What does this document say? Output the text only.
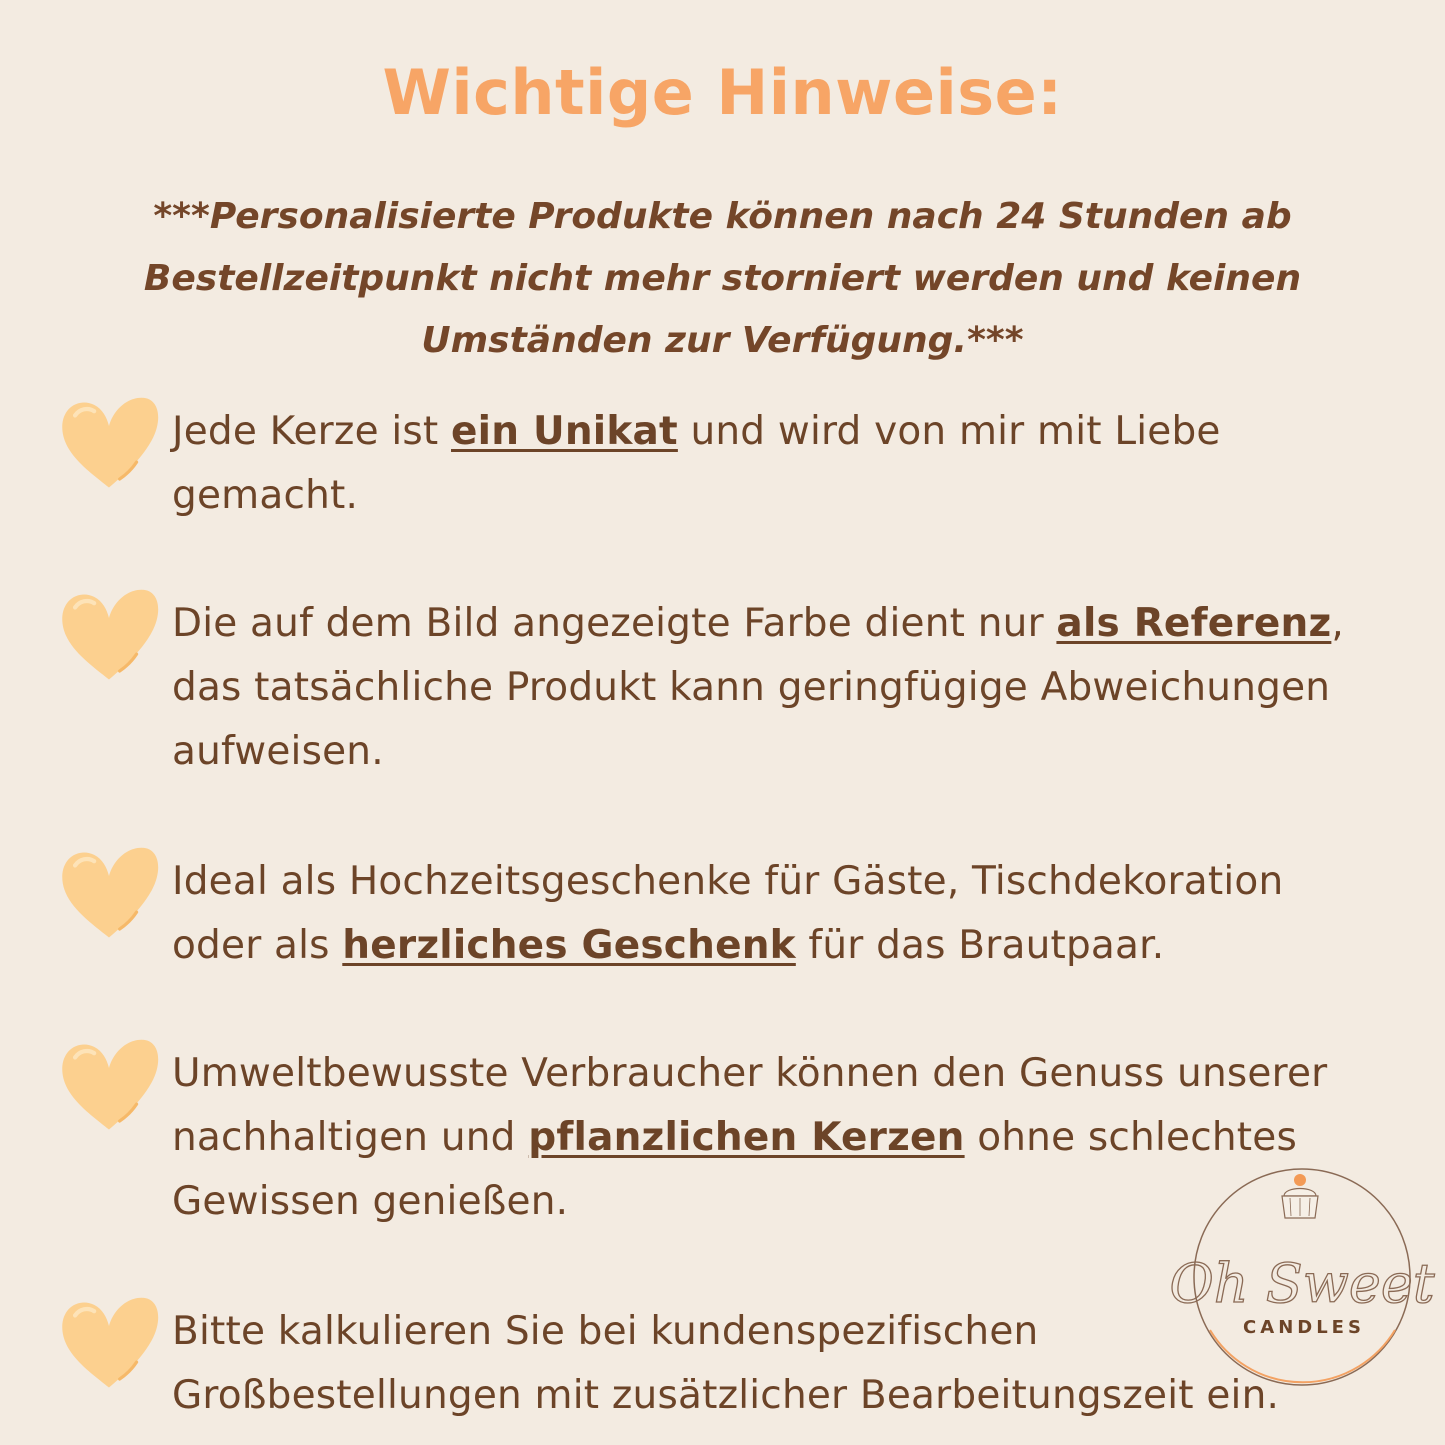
Wichtige Hinweise:
***Personalisierte Produkte können nach 24 Stunden ab Bestellzeitpunkt nicht mehr storniert werden und keinen Umständen zur Verfügung.***
Jede Kerze ist ein Unikat und wird von mir mit Liebe gemacht.
Die auf dem Bild angezeigte Farbe dient nur als Referenz, das tatsächliche Produkt kann geringfügige Abweichungen aufweisen.
Ideal als Hochzeitsgeschenke für Gäste, Tischdekoration oder als herzliches Geschenk für das Brautpaar.
Umweltbewusste Verbraucher können den Genuss unserer nachhaltigen und pflanzlichen Kerzen ohne schlechtes Gewissen genießen.
Bitte kalkulieren Sie bei kundenspezifischen Großbestellungen mit zusätzlicher Bearbeitungszeit ein.
Oh Sweet
CANDLES
